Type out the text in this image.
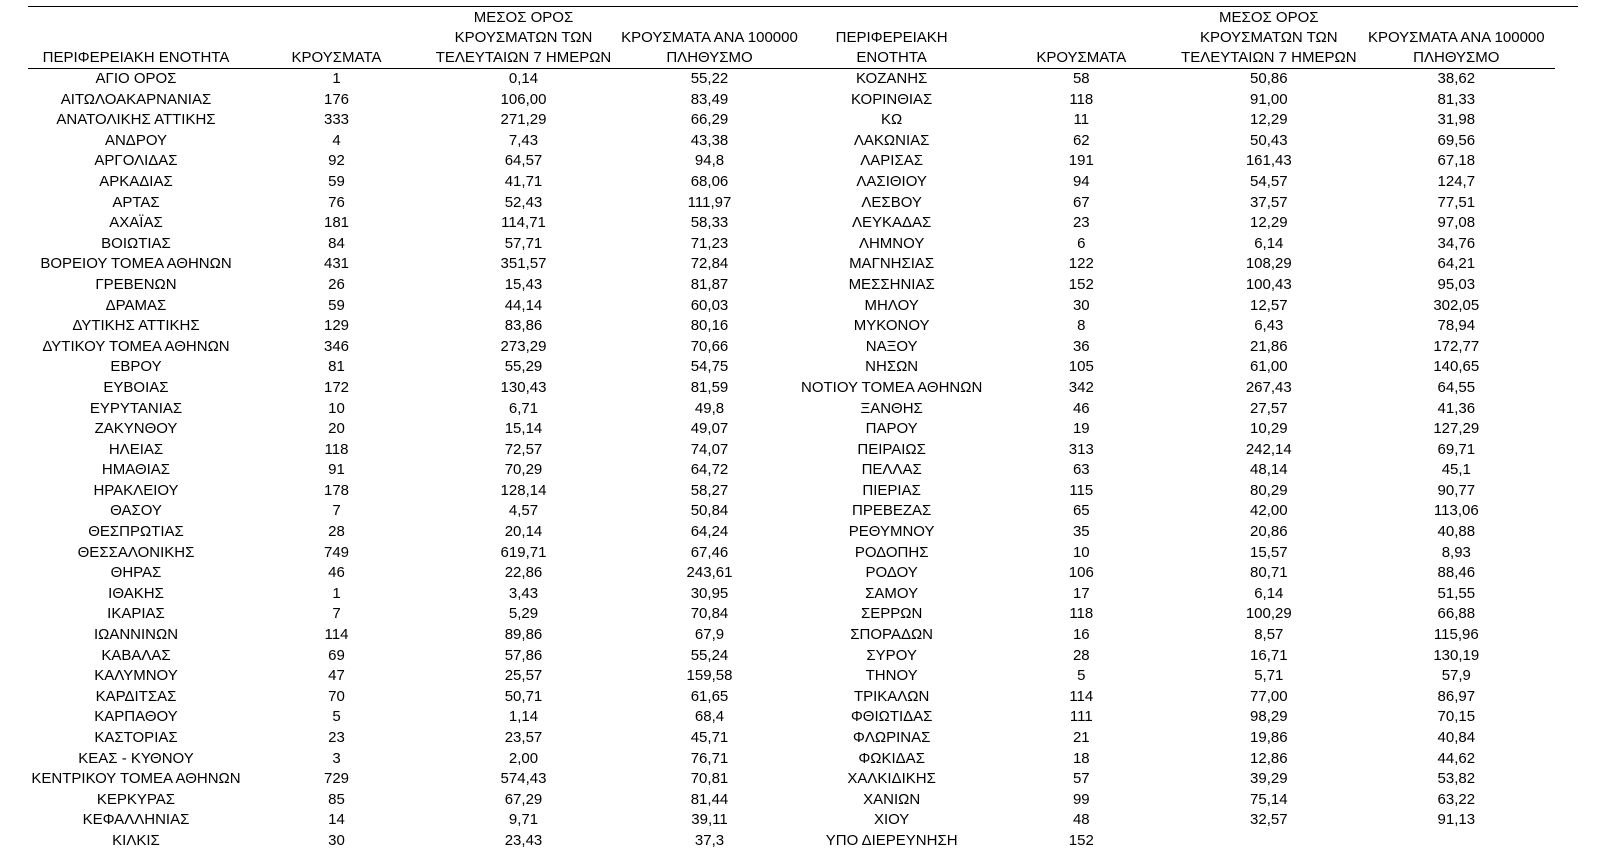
ΠΕΡΙΦΕΡΕΙΑΚΗ ΕΝΟΤΗΤΑ	ΚΡΟΥΣΜΑΤΑ	ΜΕΣΟΣ ΟΡΟΣ
ΚΡΟΥΣΜΑΤΩΝ ΤΩΝ
ΤΕΛΕΥΤΑΙΩΝ 7 ΗΜΕΡΩΝ	ΚΡΟΥΣΜΑΤΑ ΑΝΑ 100000
ΠΛΗΘΥΣΜΟ

ΑΓΙΟ ΟΡΟΣ	1	0,14	55,22
ΑΙΤΩΛΟΑΚΑΡΝΑΝΙΑΣ	176	106,00	83,49
ΑΝΑΤΟΛΙΚΗΣ ΑΤΤΙΚΗΣ	333	271,29	66,29
ΑΝΔΡΟΥ	4	7,43	43,38
ΑΡΓΟΛΙΔΑΣ	92	64,57	94,8
ΑΡΚΑΔΙΑΣ	59	41,71	68,06
ΑΡΤΑΣ	76	52,43	111,97
ΑΧΑΪΑΣ	181	114,71	58,33
ΒΟΙΩΤΙΑΣ	84	57,71	71,23
ΒΟΡΕΙΟΥ ΤΟΜΕΑ ΑΘΗΝΩΝ	431	351,57	72,84
ΓΡΕΒΕΝΩΝ	26	15,43	81,87
ΔΡΑΜΑΣ	59	44,14	60,03
ΔΥΤΙΚΗΣ ΑΤΤΙΚΗΣ	129	83,86	80,16
ΔΥΤΙΚΟΥ ΤΟΜΕΑ ΑΘΗΝΩΝ	346	273,29	70,66
ΕΒΡΟΥ	81	55,29	54,75
ΕΥΒΟΙΑΣ	172	130,43	81,59
ΕΥΡΥΤΑΝΙΑΣ	10	6,71	49,8
ΖΑΚΥΝΘΟΥ	20	15,14	49,07
ΗΛΕΙΑΣ	118	72,57	74,07
ΗΜΑΘΙΑΣ	91	70,29	64,72
ΗΡΑΚΛΕΙΟΥ	178	128,14	58,27
ΘΑΣΟΥ	7	4,57	50,84
ΘΕΣΠΡΩΤΙΑΣ	28	20,14	64,24
ΘΕΣΣΑΛΟΝΙΚΗΣ	749	619,71	67,46
ΘΗΡΑΣ	46	22,86	243,61
ΙΘΑΚΗΣ	1	3,43	30,95
ΙΚΑΡΙΑΣ	7	5,29	70,84
ΙΩΑΝΝΙΝΩΝ	114	89,86	67,9
ΚΑΒΑΛΑΣ	69	57,86	55,24
ΚΑΛΥΜΝΟΥ	47	25,57	159,58
ΚΑΡΔΙΤΣΑΣ	70	50,71	61,65
ΚΑΡΠΑΘΟΥ	5	1,14	68,4
ΚΑΣΤΟΡΙΑΣ	23	23,57	45,71
ΚΕΑΣ - ΚΥΘΝΟΥ	3	2,00	76,71
ΚΕΝΤΡΙΚΟΥ ΤΟΜΕΑ ΑΘΗΝΩΝ	729	574,43	70,81
ΚΕΡΚΥΡΑΣ	85	67,29	81,44
ΚΕΦΑΛΛΗΝΙΑΣ	14	9,71	39,11
ΚΙΛΚΙΣ	30	23,43	37,3
ΠΕΡΙΦΕΡΕΙΑΚΗ ΕΝΟΤΗΤΑ	ΚΡΟΥΣΜΑΤΑ	ΜΕΣΟΣ ΟΡΟΣ
ΚΡΟΥΣΜΑΤΩΝ ΤΩΝ
ΤΕΛΕΥΤΑΙΩΝ 7 ΗΜΕΡΩΝ	ΚΡΟΥΣΜΑΤΑ ΑΝΑ 100000
ΠΛΗΘΥΣΜΟ

ΚΟΖΑΝΗΣ	58	50,86	38,62
ΚΟΡΙΝΘΙΑΣ	118	91,00	81,33
ΚΩ	11	12,29	31,98
ΛΑΚΩΝΙΑΣ	62	50,43	69,56
ΛΑΡΙΣΑΣ	191	161,43	67,18
ΛΑΣΙΘΙΟΥ	94	54,57	124,7
ΛΕΣΒΟΥ	67	37,57	77,51
ΛΕΥΚΑΔΑΣ	23	12,29	97,08
ΛΗΜΝΟΥ	6	6,14	34,76
ΜΑΓΝΗΣΙΑΣ	122	108,29	64,21
ΜΕΣΣΗΝΙΑΣ	152	100,43	95,03
ΜΗΛΟΥ	30	12,57	302,05
ΜΥΚΟΝΟΥ	8	6,43	78,94
ΝΑΞΟΥ	36	21,86	172,77
ΝΗΣΩΝ	105	61,00	140,65
ΝΟΤΙΟΥ ΤΟΜΕΑ ΑΘΗΝΩΝ	342	267,43	64,55
ΞΑΝΘΗΣ	46	27,57	41,36
ΠΑΡΟΥ	19	10,29	127,29
ΠΕΙΡΑΙΩΣ	313	242,14	69,71
ΠΕΛΛΑΣ	63	48,14	45,1
ΠΙΕΡΙΑΣ	115	80,29	90,77
ΠΡΕΒΕΖΑΣ	65	42,00	113,06
ΡΕΘΥΜΝΟΥ	35	20,86	40,88
ΡΟΔΟΠΗΣ	10	15,57	8,93
ΡΟΔΟΥ	106	80,71	88,46
ΣΑΜΟΥ	17	6,14	51,55
ΣΕΡΡΩΝ	118	100,29	66,88
ΣΠΟΡΑΔΩΝ	16	8,57	115,96
ΣΥΡΟΥ	28	16,71	130,19
ΤΗΝΟΥ	5	5,71	57,9
ΤΡΙΚΑΛΩΝ	114	77,00	86,97
ΦΘΙΩΤΙΔΑΣ	111	98,29	70,15
ΦΛΩΡΙΝΑΣ	21	19,86	40,84
ΦΩΚΙΔΑΣ	18	12,86	44,62
ΧΑΛΚΙΔΙΚΗΣ	57	39,29	53,82
ΧΑΝΙΩΝ	99	75,14	63,22
ΧΙΟΥ	48	32,57	91,13
ΥΠΟ ΔΙΕΡΕΥΝΗΣΗ	152		
